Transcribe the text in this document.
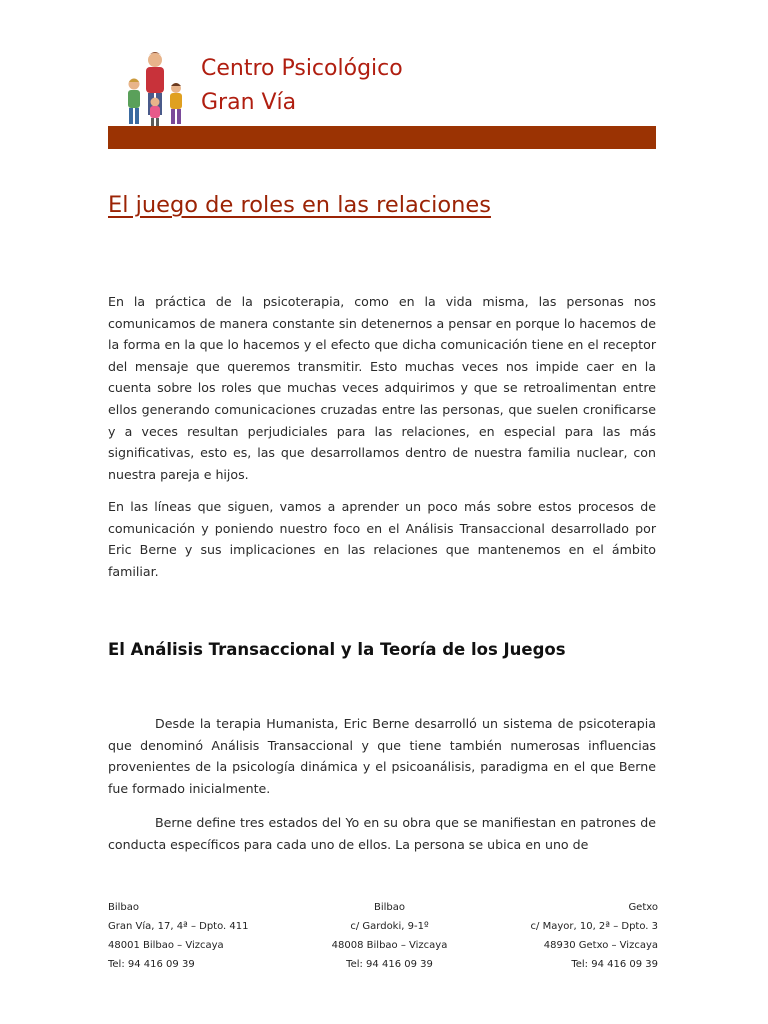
Centro Psicológico
Gran Vía
El juego de roles en las relaciones

En la práctica de la psicoterapia, como en la vida misma, las personas nos comunicamos de manera constante sin detenernos a pensar en porque lo hacemos de la forma en la que lo hacemos y el efecto que dicha comunicación tiene en el receptor del mensaje que queremos transmitir. Esto muchas veces nos impide caer en la cuenta sobre los roles que muchas veces adquirimos y que se retroalimentan entre ellos generando comunicaciones cruzadas entre las personas, que suelen cronificarse y a veces resultan perjudiciales para las relaciones, en especial para las más significativas, esto es, las que desarrollamos dentro de nuestra familia nuclear, con nuestra pareja e hijos.

En las líneas que siguen, vamos a aprender un poco más sobre estos procesos de comunicación y poniendo nuestro foco en el Análisis Transaccional desarrollado por Eric Berne y sus implicaciones en las relaciones que mantenemos en el ámbito familiar.

El Análisis Transaccional y la Teoría de los Juegos

Desde la terapia Humanista, Eric Berne desarrolló un sistema de psicoterapia que denominó Análisis Transaccional y que tiene también numerosas influencias provenientes de la psicología dinámica y el psicoanálisis, paradigma en el que Berne fue formado inicialmente.

Berne define tres estados del Yo en su obra que se manifiestan en patrones de conducta específicos para cada uno de ellos. La persona se ubica en uno de

Bilbao
Gran Vía, 17, 4ª – Dpto. 411
48001 Bilbao – Vizcaya
Tel: 94 416 09 39
Bilbao
c/ Gardoki, 9-1º
48008 Bilbao – Vizcaya
Tel: 94 416 09 39
Getxo
c/ Mayor, 10, 2ª – Dpto. 3
48930 Getxo – Vizcaya
Tel: 94 416 09 39
